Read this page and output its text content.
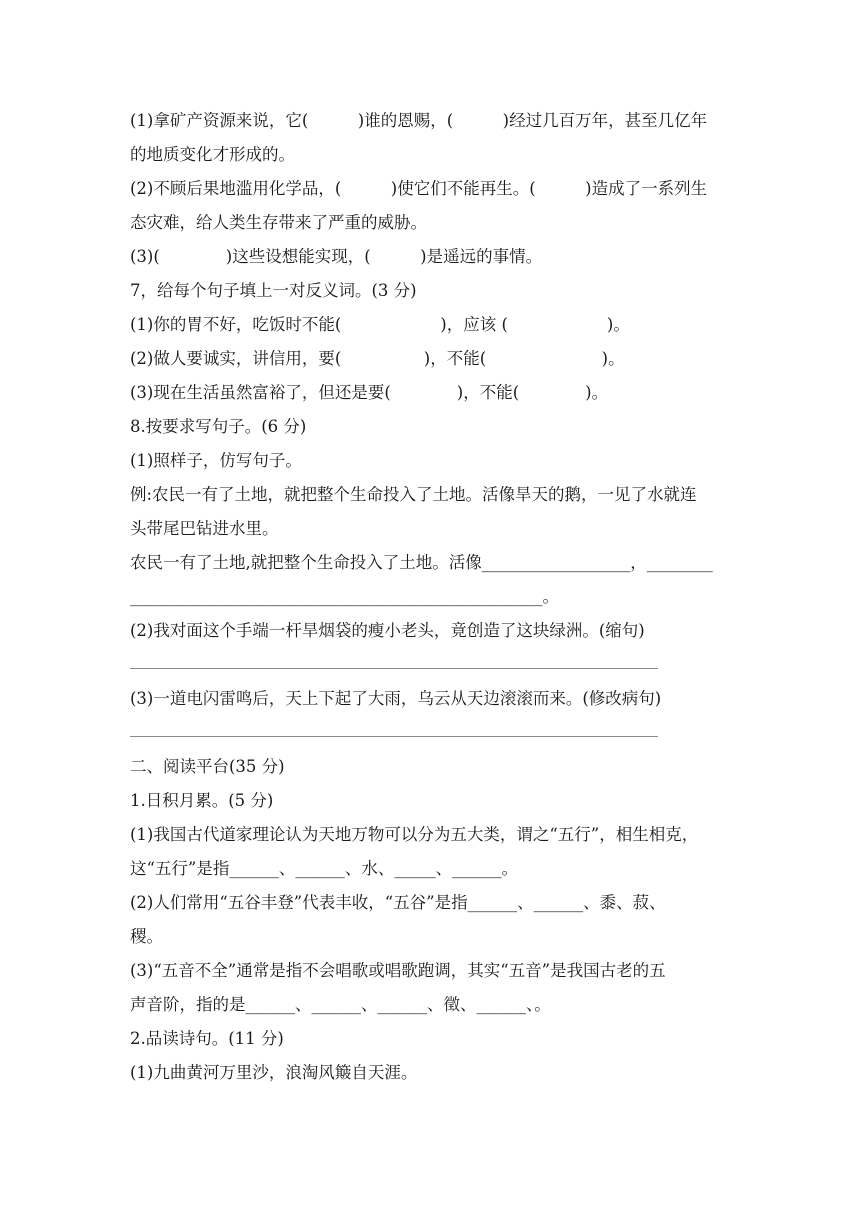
(1)拿矿产资源来说，它(　　　)谁的恩赐，(　　　)经过几百万年，甚至几亿年
的地质变化才形成的。
(2)不顾后果地滥用化学品，(　　　)使它们不能再生。(　　　)造成了一系列生
态灾难，给人类生存带来了严重的威胁。
(3)(　　　　)这些设想能实现，(　　　)是遥远的事情。
7，给每个句子填上一对反义词。(3 分)
(1)你的胃不好，吃饭时不能(　　　　　　)，应该 (　　　　　　)。
(2)做人要诚实，讲信用，要(　　　　　)，不能(　　　　　　　)。
(3)现在生活虽然富裕了，但还是要(　　　　)，不能(　　　　)。
8.按要求写句子。(6 分)
(1)照样子，仿写句子。
例:农民一有了土地，就把整个生命投入了土地。活像旱天的鹅，一见了水就连
头带尾巴钻进水里。
农民一有了土地,就把整个生命投入了土地。活像__________________，________
__________________________________________________。
(2)我对面这个手端一杆旱烟袋的瘦小老头，竟创造了这块绿洲。(缩句)
(3)一道电闪雷鸣后，天上下起了大雨，乌云从天边滚滚而来。(修改病句)
二、阅读平台(35 分)
1.日积月累。(5 分)
(1)我国古代道家理论认为天地万物可以分为五大类，谓之“五行”，相生相克，
这“五行”是指______、______、水、_____、______。
(2)人们常用“五谷丰登”代表丰收，“五谷”是指______、______、黍、菽、
稷。
(3)“五音不全”通常是指不会唱歌或唱歌跑调，其实“五音”是我国古老的五
声音阶，指的是______、______、______、徵、______、。
2.品读诗句。(11 分)
(1)九曲黄河万里沙，浪淘风簸自天涯。
